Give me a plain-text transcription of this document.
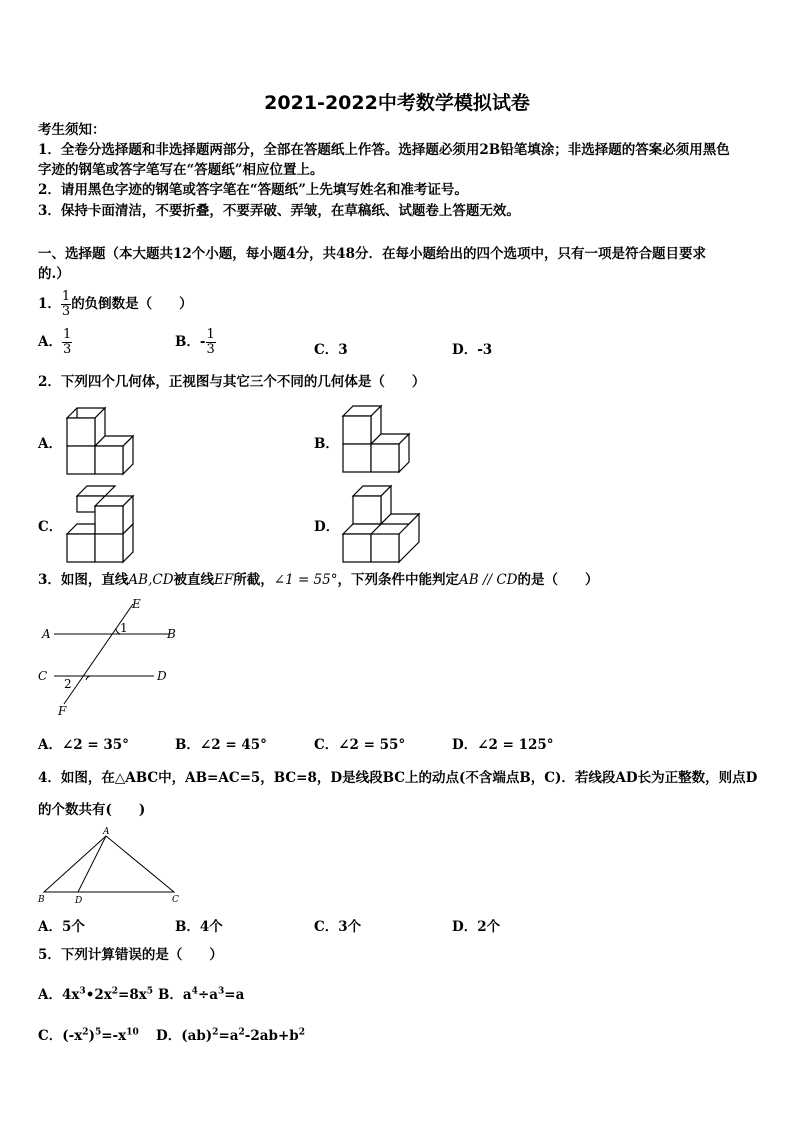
2021-2022中考数学模拟试卷
考生须知：
1．全卷分选择题和非选择题两部分，全部在答题纸上作答。选择题必须用2B铅笔填涂；非选择题的答案必须用黑色
字迹的钢笔或答字笔写在“答题纸”相应位置上。
2．请用黑色字迹的钢笔或答字笔在“答题纸”上先填写姓名和准考证号。
3．保持卡面清洁，不要折叠，不要弄破、弄皱，在草稿纸、试题卷上答题无效。
一、选择题（本大题共12个小题，每小题4分，共48分．在每小题给出的四个选项中，只有一项是符合题目要求
的.）
1． $\frac{1}{3}$ 的负倒数是（　　）
A． $\frac{1}{3}$	B．- $\frac{1}{3}$	C．3	D．-3
2．下列四个几何体，正视图与其它三个不同的几何体是（　　）
A．	B．
C．	D．
3．如图，直线AB,CD被直线EF所截，∠1 = 55°，下列条件中能判定AB // CD的是（　　）
E
A	B
C	D
F
1
2
A．∠2 = 35°	B．∠2 = 45°	C．∠2 = 55°	D．∠2 = 125°
4．如图，在△ABC中，AB=AC=5，BC=8，D是线段BC上的动点(不含端点B，C)．若线段AD长为正整数，则点D
的个数共有(　　)
A
B	D	C
A．5个	B．4个	C．3个	D．2个
5．下列计算错误的是（　　）
A．$4x^3•2x^2=8x^5$ B．$a^4\div a^3=a$
C．$(-x^2)^5=-x^{10}$ D．$(ab)^2=a^2-2ab+b^2$
